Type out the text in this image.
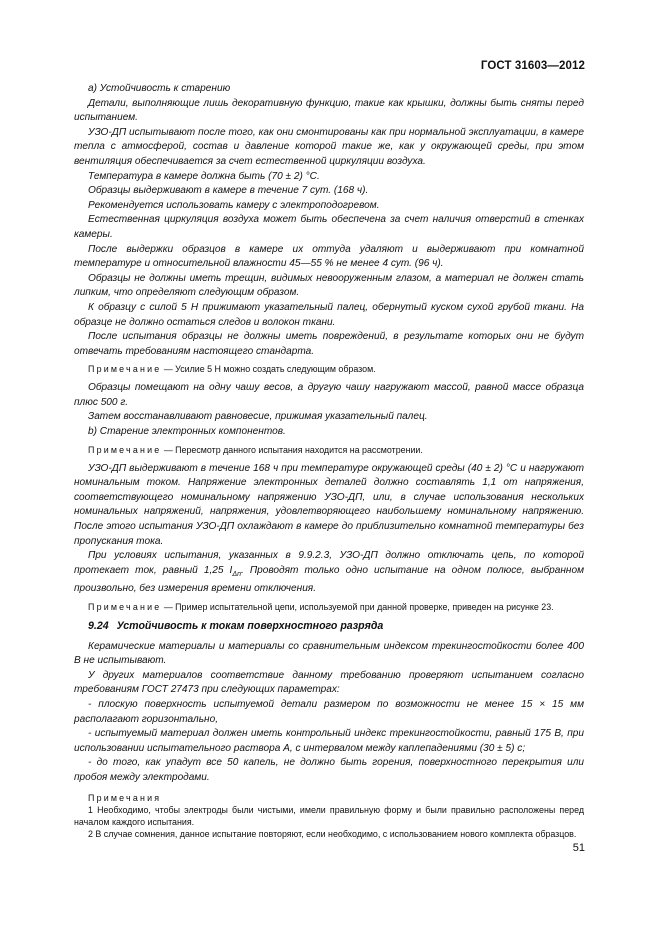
ГОСТ 31603—2012

а) Устойчивость к старению

Детали, выполняющие лишь декоративную функцию, такие как крышки, должны быть сняты перед испытанием.

УЗО-ДП испытывают после того, как они смонтированы как при нормальной эксплуатации, в камере тепла с атмосферой, состав и давление которой такие же, как у окружающей среды, при этом вентиляция обеспечивается за счет естественной циркуляции воздуха.

Температура в камере должна быть (70 ± 2) °С.

Образцы выдерживают в камере в течение 7 сут. (168 ч).

Рекомендуется использовать камеру с электроподогревом.

Естественная циркуляция воздуха может быть обеспечена за счет наличия отверстий в стенках камеры.

После выдержки образцов в камере их оттуда удаляют и выдерживают при комнатной температуре и относительной влажности 45—55 % не менее 4 сут. (96 ч).

Образцы не должны иметь трещин, видимых невооруженным глазом, а материал не должен стать липким, что определяют следующим образом.

К образцу с силой 5 Н прижимают указательный палец, обернутый куском сухой грубой ткани. На образце не должно остаться следов и волокон ткани.

После испытания образцы не должны иметь повреждений, в результате которых они не будут отвечать требованиям настоящего стандарта.

Примечание — Усилие 5 Н можно создать следующим образом.

Образцы помещают на одну чашу весов, а другую чашу нагружают массой, равной массе образца плюс 500 г.

Затем восстанавливают равновесие, прижимая указательный палец.

b) Старение электронных компонентов.

Примечание — Пересмотр данного испытания находится на рассмотрении.

УЗО-ДП выдерживают в течение 168 ч при температуре окружающей среды (40 ± 2) °С и нагружают номинальным током. Напряжение электронных деталей должно составлять 1,1 от напряжения, соответствующего номинальному напряжению УЗО-ДП, или, в случае использования нескольких номинальных напряжений, напряжения, удовлетворяющего наибольшему номинальному напряжению. После этого испытания УЗО-ДП охлаждают в камере до приблизительно комнатной температуры без пропускания тока.

При условиях испытания, указанных в 9.9.2.3, УЗО-ДП должно отключать цепь, по которой протекает ток, равный 1,25 $I_{\Delta n}$. Проводят только одно испытание на одном полюсе, выбранном произвольно, без измерения времени отключения.

Примечание — Пример испытательной цепи, используемой при данной проверке, приведен на рисунке 23.

9.24 Устойчивость к токам поверхностного разряда

Керамические материалы и материалы со сравнительным индексом трекингостойкости более 400 В не испытывают.

У других материалов соответствие данному требованию проверяют испытанием согласно требованиям ГОСТ 27473 при следующих параметрах:

- плоскую поверхность испытуемой детали размером по возможности не менее 15 × 15 мм располагают горизонтально,

- испытуемый материал должен иметь контрольный индекс трекингостойкости, равный 175 В, при использовании испытательного раствора А, с интервалом между каплепадениями (30 ± 5) с;

- до того, как упадут все 50 капель, не должно быть горения, поверхностного перекрытия или пробоя между электродами.

Примечания
1 Необходимо, чтобы электроды были чистыми, имели правильную форму и были правильно расположены перед началом каждого испытания.
2 В случае сомнения, данное испытание повторяют, если необходимо, с использованием нового комплекта образцов.
51
